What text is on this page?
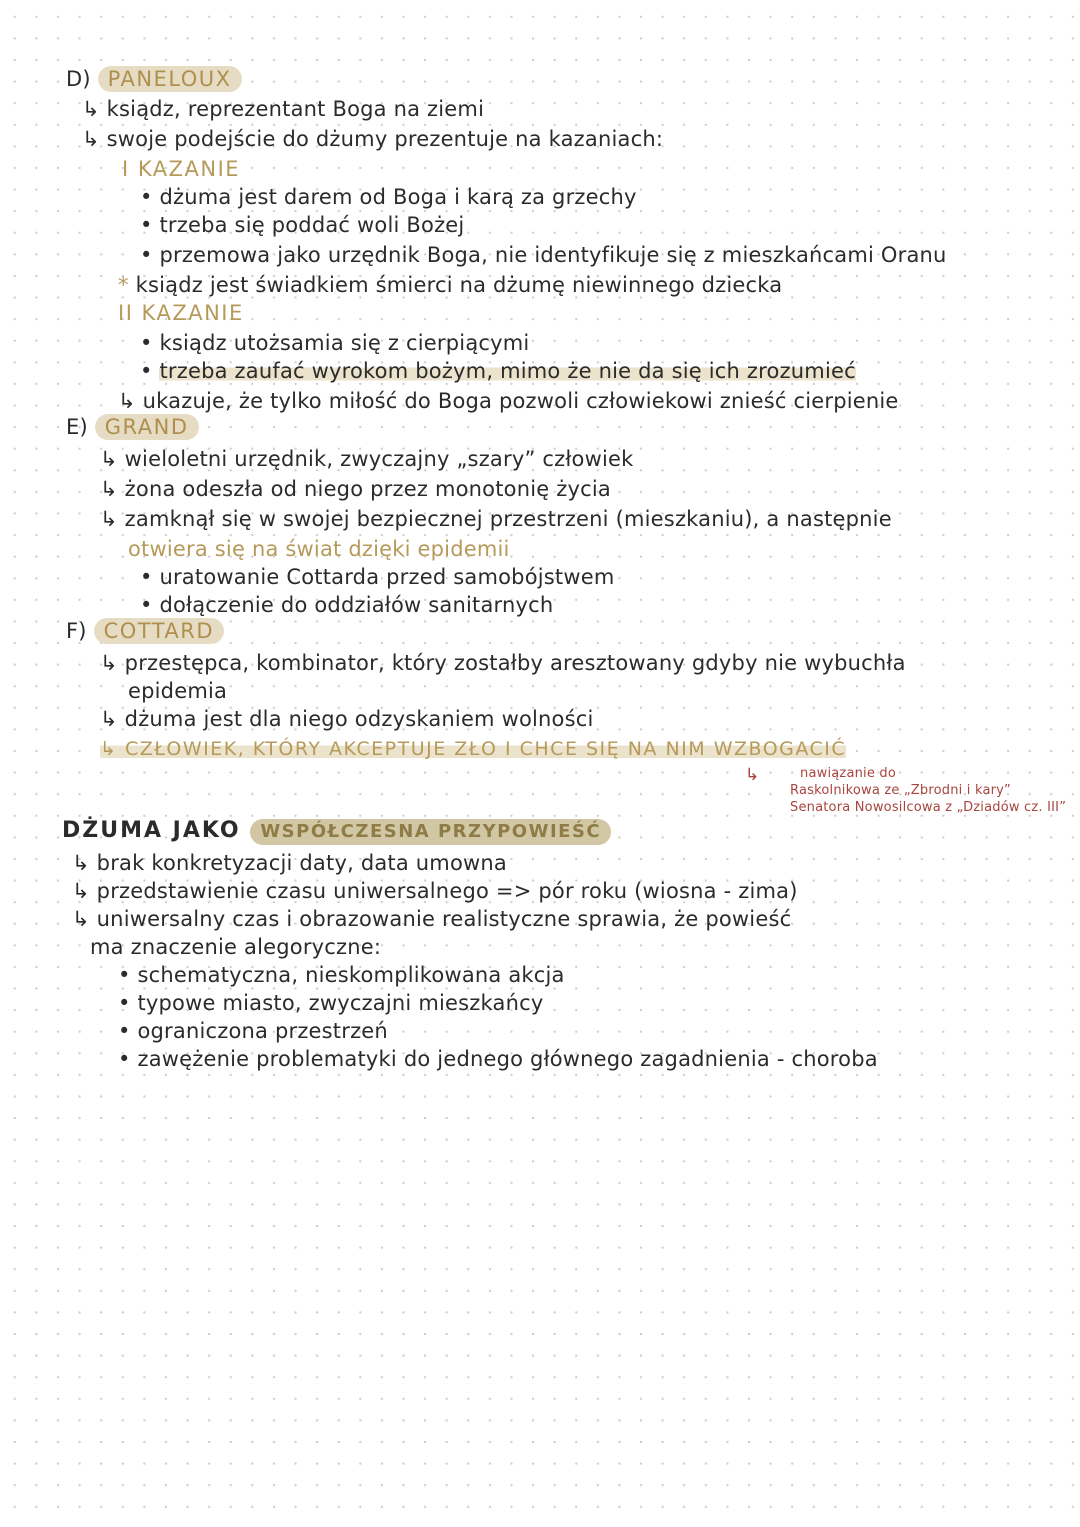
D) PANELOUX
↳ ksiądz, reprezentant Boga na ziemi
↳ swoje podejście do dżumy prezentuje na kazaniach:
I KAZANIE
• dżuma jest darem od Boga i karą za grzechy
• trzeba się poddać woli Bożej
• przemowa jako urzędnik Boga, nie identyfikuje się z mieszkańcami Oranu
* ksiądz jest świadkiem śmierci na dżumę niewinnego dziecka
II KAZANIE
• ksiądz utożsamia się z cierpiącymi
• trzeba zaufać wyrokom bożym, mimo że nie da się ich zrozumieć
↳ ukazuje, że tylko miłość do Boga pozwoli człowiekowi znieść cierpienie
E) GRAND
↳ wieloletni urzędnik, zwyczajny „szary” człowiek
↳ żona odeszła od niego przez monotonię życia
↳ zamknął się w swojej bezpiecznej przestrzeni (mieszkaniu), a następnie
otwiera się na świat dzięki epidemii
• uratowanie Cottarda przed samobójstwem
• dołączenie do oddziałów sanitarnych
F) COTTARD
↳ przestępca, kombinator, który zostałby aresztowany gdyby nie wybuchła
epidemia
↳ dżuma jest dla niego odzyskaniem wolności
↳ CZŁOWIEK, KTÓRY AKCEPTUJE ZŁO I CHCE SIĘ NA NIM WZBOGACIĆ
↳	nawiązanie do
Raskolnikowa ze „Zbrodni i kary”
Senatora Nowosilcowa z „Dziadów cz. III”
DŻUMA JAKO WSPÓŁCZESNA PRZYPOWIEŚĆ
↳ brak konkretyzacji daty, data umowna
↳ przedstawienie czasu uniwersalnego => pór roku (wiosna - zima)
↳ uniwersalny czas i obrazowanie realistyczne sprawia, że powieść
ma znaczenie alegoryczne:
• schematyczna, nieskomplikowana akcja
• typowe miasto, zwyczajni mieszkańcy
• ograniczona przestrzeń
• zawężenie problematyki do jednego głównego zagadnienia - choroba
